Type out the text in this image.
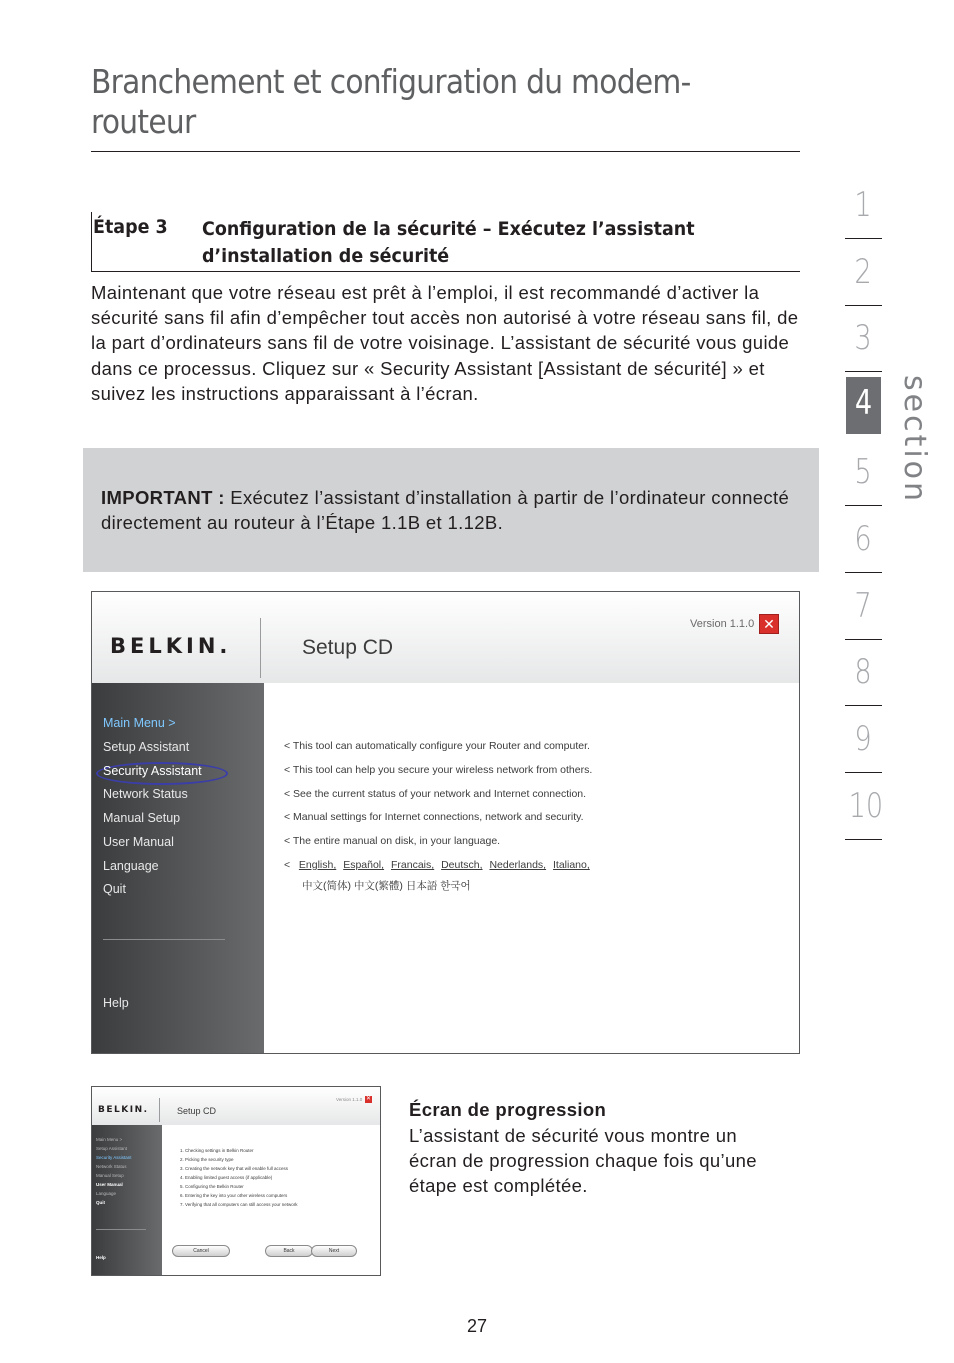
Branchement et configuration du modem-routeur
Étape 3 Configuration de la sécurité – Exécutez l’assistant d’installation de sécurité
Maintenant que votre réseau est prêt à l’emploi, il est recommandé d’activer la sécurité sans fil afin d’empêcher tout accès non autorisé à votre réseau sans fil, de la part d’ordinateurs sans fil de votre voisinage. L’assistant de sécurité vous guide dans ce processus. Cliquez sur « Security Assistant [Assistant de sécurité] » et suivez les instructions apparaissant à l’écran.
IMPORTANT : Exécutez l’assistant d’installation à partir de l’ordinateur connecté directement au routeur à l’Étape 1.1B et 1.12B.
section
1
2
3
4
5
6
7
8
9
10
BELKIN.	Setup CD
Version 1.1.0 ✕
Main Menu >
Setup Assistant
Security Assistant
Network Status
Manual Setup
User Manual
Language
Quit
Help
< This tool can automatically configure your Router and computer.
< This tool can help you secure your wireless network from others.
< See the current status of your network and Internet connection.
< Manual settings for Internet connections, network and security.
< The entire manual on disk, in your language.
< English, Español, Francais, Deutsch, Nederlands, Italiano,
中文(简体) 中文(繁體) 日本語 한국어
BELKIN.	Setup CD
Version 1.1.0 ✕
Main Menu >
Setup Assistant
Security Assistant
Network Status
Manual Setup
User Manual
Language
Quit
Help
1. Checking settings in Belkin Router
2. Picking the security type
3. Creating the network key that will enable full access
4. Enabling limited guest access (if applicable)
5. Configuring the Belkin Router
6. Entering the key into your other wireless computers
7. Verifying that all computers can still access your network
Cancel	Back	Next
Écran de progression
L’assistant de sécurité vous montre un écran de progression chaque fois qu’une étape est complétée.
27
